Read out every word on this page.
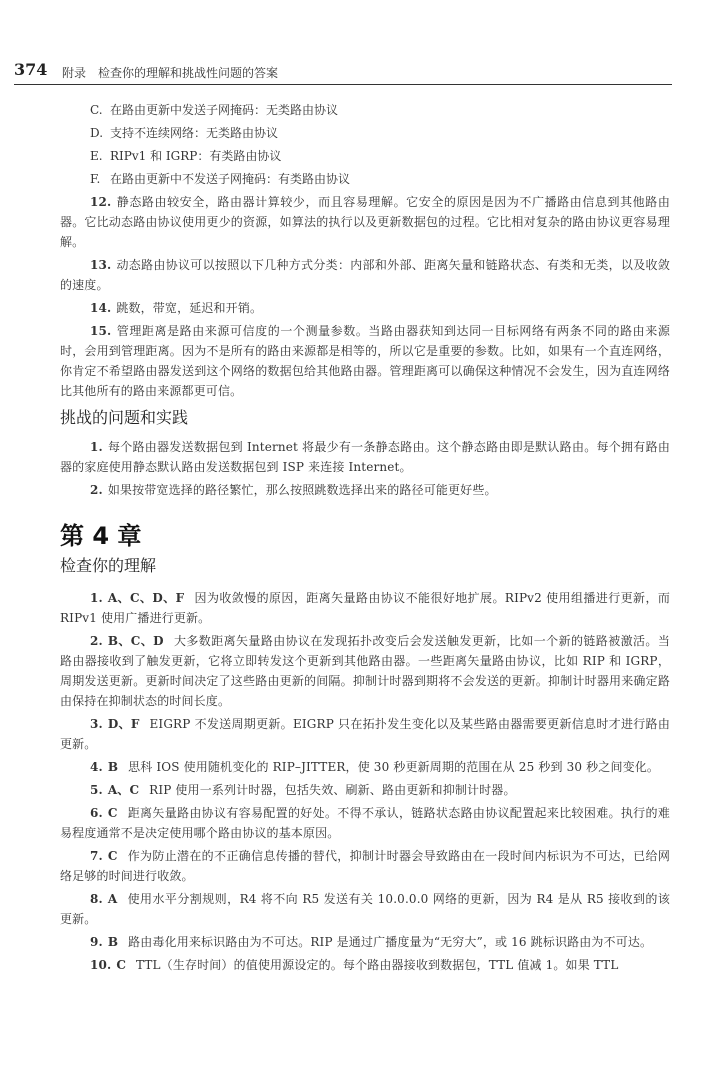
374 附录　检查你的理解和挑战性问题的答案
C. 在路由更新中发送子网掩码：无类路由协议
D. 支持不连续网络：无类路由协议
E. RIPv1 和 IGRP：有类路由协议
F. 在路由更新中不发送子网掩码：有类路由协议

12. 静态路由较安全，路由器计算较少，而且容易理解。它安全的原因是因为不广播路由信息到其他路由器。它比动态路由协议使用更少的资源，如算法的执行以及更新数据包的过程。它比相对复杂的路由协议更容易理解。

13. 动态路由协议可以按照以下几种方式分类：内部和外部、距离矢量和链路状态、有类和无类，以及收敛的速度。

14. 跳数，带宽，延迟和开销。

15. 管理距离是路由来源可信度的一个测量参数。当路由器获知到达同一目标网络有两条不同的路由来源时，会用到管理距离。因为不是所有的路由来源都是相等的，所以它是重要的参数。比如，如果有一个直连网络，你肯定不希望路由器发送到这个网络的数据包给其他路由器。管理距离可以确保这种情况不会发生，因为直连网络比其他所有的路由来源都更可信。

挑战的问题和实践

1. 每个路由器发送数据包到 Internet 将最少有一条静态路由。这个静态路由即是默认路由。每个拥有路由器的家庭使用静态默认路由发送数据包到 ISP 来连接 Internet。

2. 如果按带宽选择的路径繁忙，那么按照跳数选择出来的路径可能更好些。

第 4 章
检查你的理解

1. A、C、D、F 因为收敛慢的原因，距离矢量路由协议不能很好地扩展。RIPv2 使用组播进行更新，而 RIPv1 使用广播进行更新。

2. B、C、D 大多数距离矢量路由协议在发现拓扑改变后会发送触发更新，比如一个新的链路被激活。当路由器接收到了触发更新，它将立即转发这个更新到其他路由器。一些距离矢量路由协议，比如 RIP 和 IGRP，周期发送更新。更新时间决定了这些路由更新的间隔。抑制计时器到期将不会发送的更新。抑制计时器用来确定路由保持在抑制状态的时间长度。

3. D、F EIGRP 不发送周期更新。EIGRP 只在拓扑发生变化以及某些路由器需要更新信息时才进行路由更新。

4. B 思科 IOS 使用随机变化的 RIP–JITTER，使 30 秒更新周期的范围在从 25 秒到 30 秒之间变化。

5. A、C RIP 使用一系列计时器，包括失效、刷新、路由更新和抑制计时器。

6. C 距离矢量路由协议有容易配置的好处。不得不承认，链路状态路由协议配置起来比较困难。执行的难易程度通常不是决定使用哪个路由协议的基本原因。

7. C 作为防止潜在的不正确信息传播的替代，抑制计时器会导致路由在一段时间内标识为不可达，已给网络足够的时间进行收敛。

8. A 使用水平分割规则，R4 将不向 R5 发送有关 10.0.0.0 网络的更新，因为 R4 是从 R5 接收到的该更新。

9. B 路由毒化用来标识路由为不可达。RIP 是通过广播度量为“无穷大”，或 16 跳标识路由为不可达。

10. C TTL（生存时间）的值使用源设定的。每个路由器接收到数据包，TTL 值减 1。如果 TTL
